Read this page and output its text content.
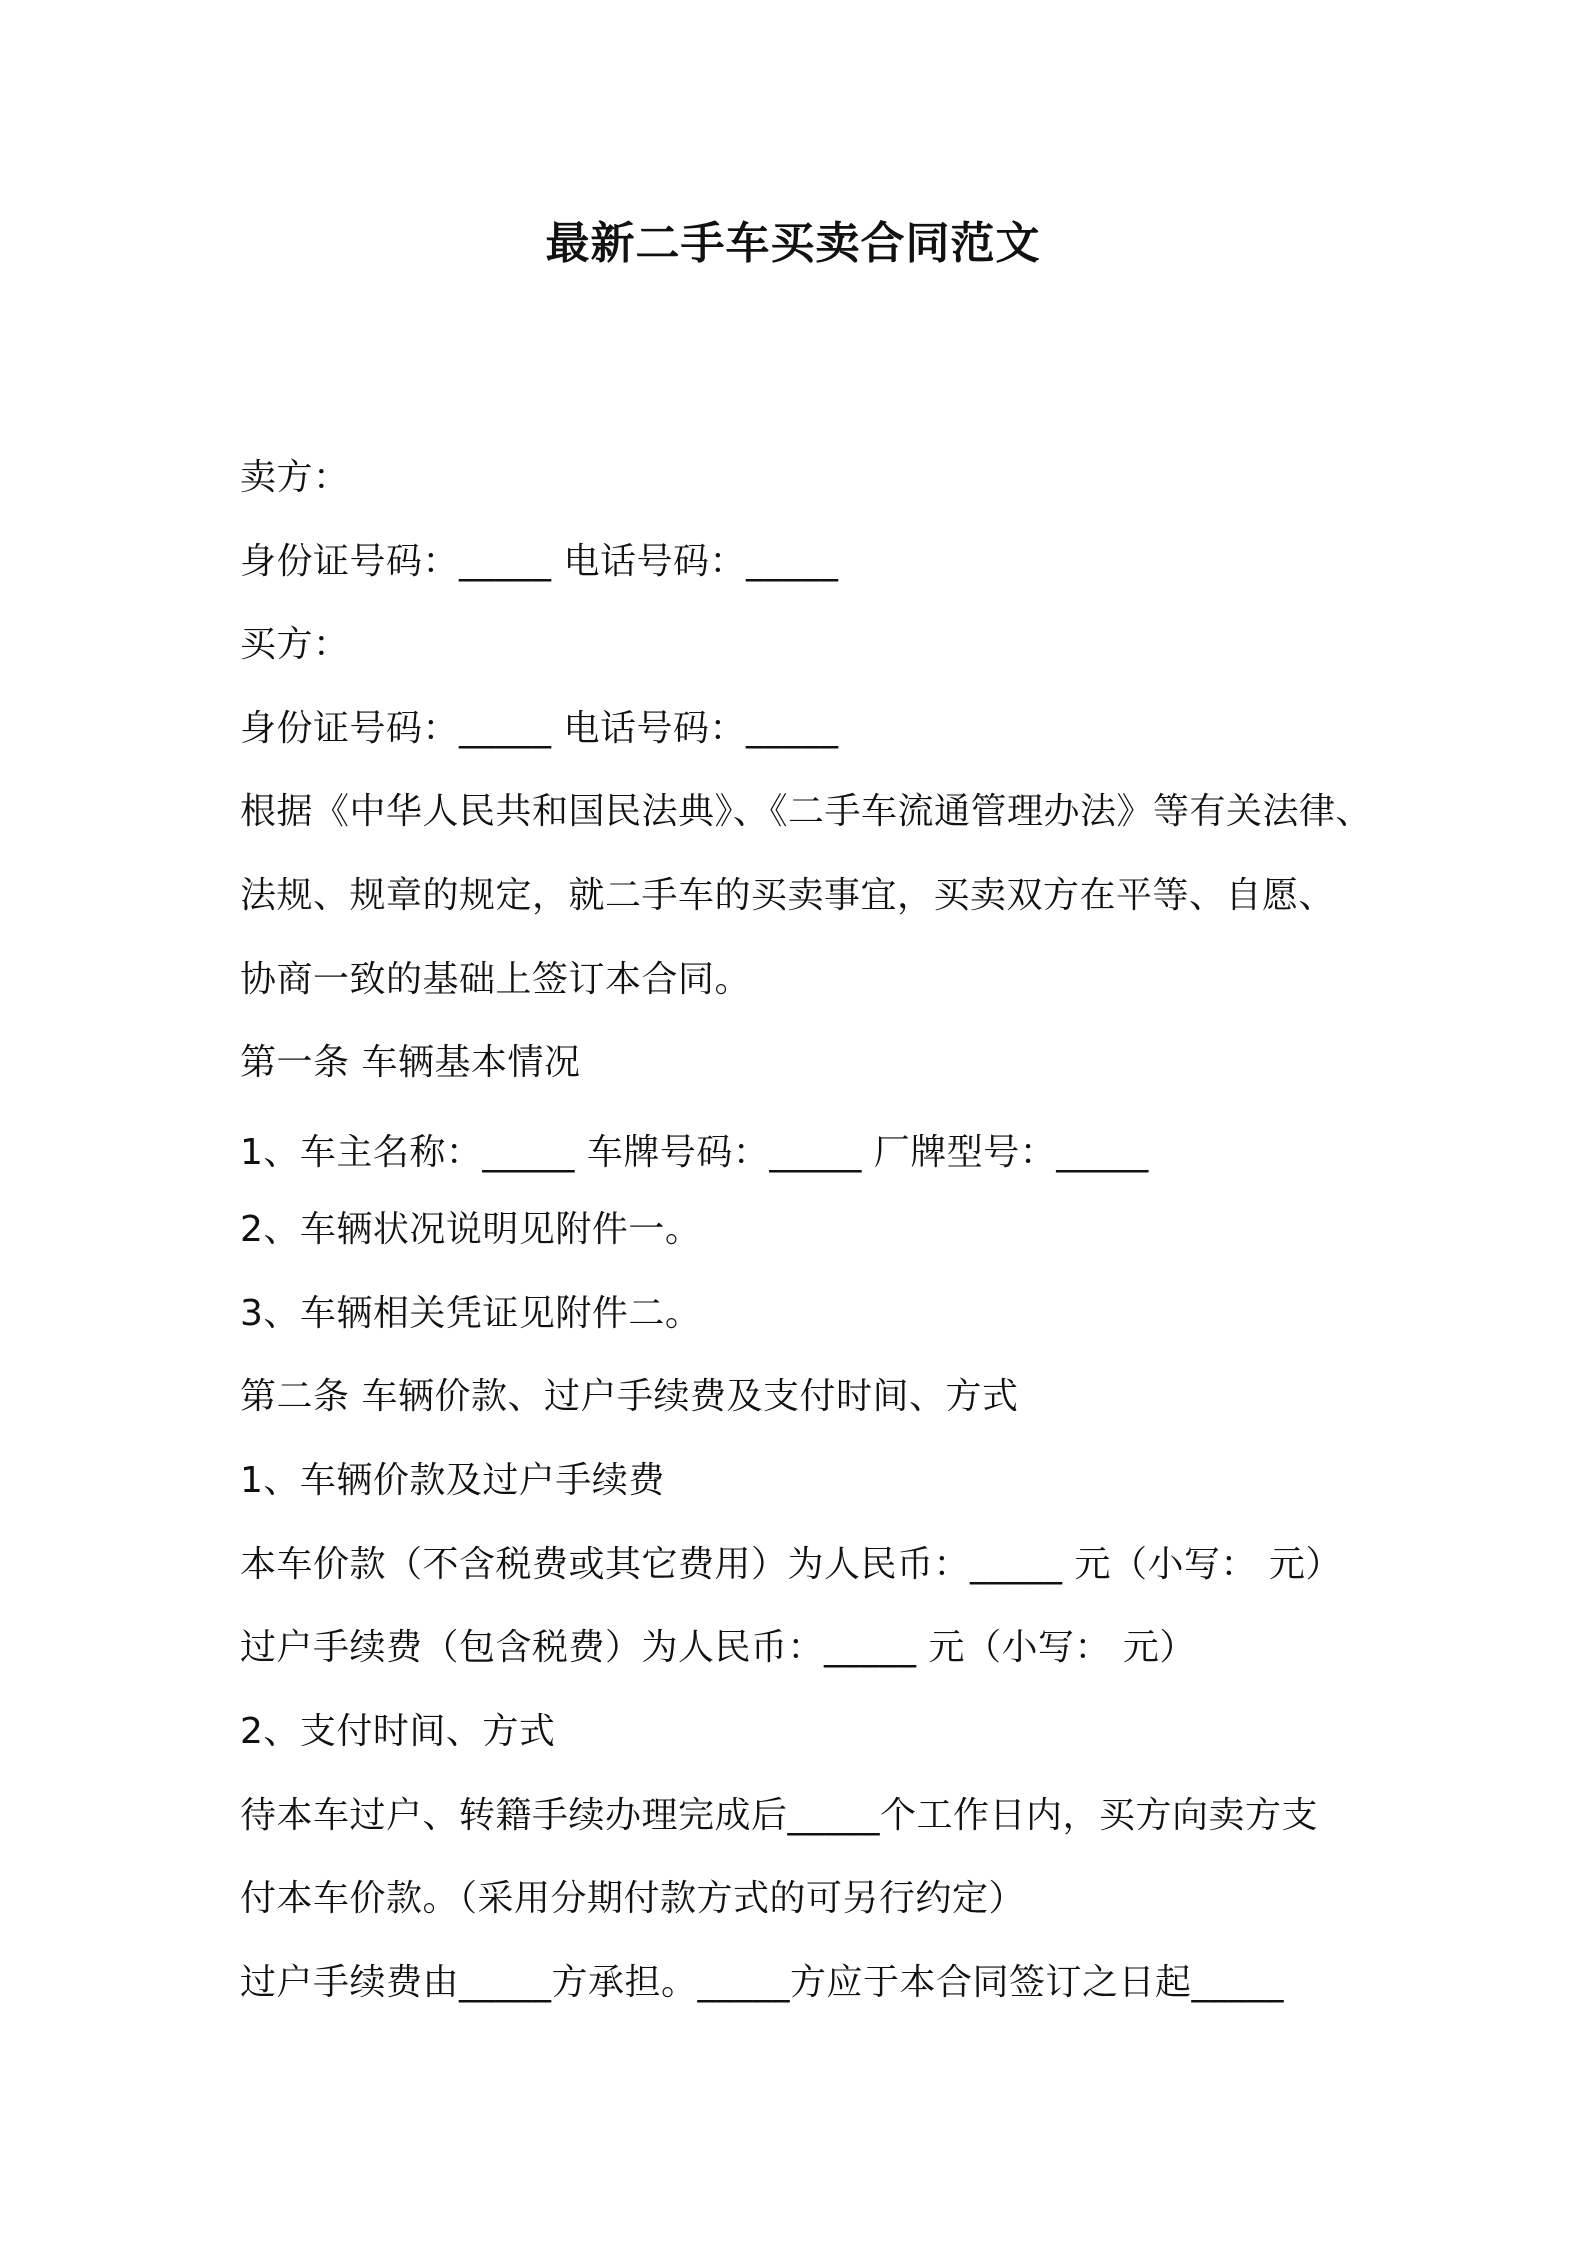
最新二手车买卖合同范文
卖方：
身份证号码：_____ 电话号码：_____
买方：
身份证号码：_____ 电话号码：_____
根据《中华人民共和国民法典》、《二手车流通管理办法》等有关法律、
法规、规章的规定，就二手车的买卖事宜，买卖双方在平等、自愿、
协商一致的基础上签订本合同。
第一条 车辆基本情况
1、车主名称：_____ 车牌号码：_____ 厂牌型号：_____
2、车辆状况说明见附件一。
3、车辆相关凭证见附件二。
第二条 车辆价款、过户手续费及支付时间、方式
1、车辆价款及过户手续费
本车价款（不含税费或其它费用）为人民币：_____ 元（小写： 元）
过户手续费（包含税费）为人民币：_____ 元（小写： 元）
2、支付时间、方式
待本车过户、转籍手续办理完成后_____个工作日内，买方向卖方支
付本车价款。（采用分期付款方式的可另行约定）
过户手续费由_____方承担。_____方应于本合同签订之日起_____
